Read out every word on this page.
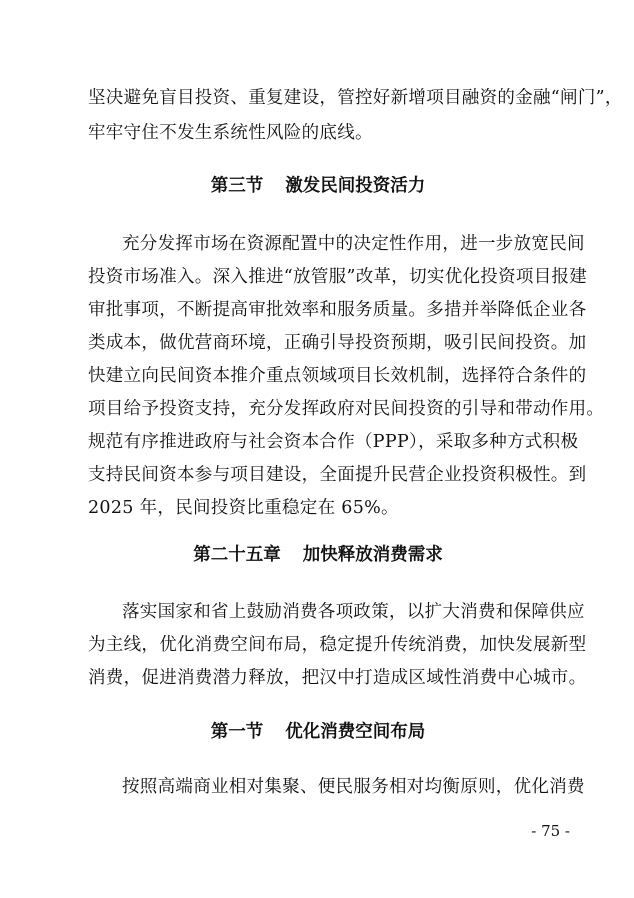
坚决避免盲目投资、重复建设，管控好新增项目融资的金融“闸门”，
牢牢守住不发生系统性风险的底线。
第三节 激发民间投资活力
充分发挥市场在资源配置中的决定性作用，进一步放宽民间
投资市场准入。深入推进“放管服”改革，切实优化投资项目报建
审批事项，不断提高审批效率和服务质量。多措并举降低企业各
类成本，做优营商环境，正确引导投资预期，吸引民间投资。加
快建立向民间资本推介重点领域项目长效机制，选择符合条件的
项目给予投资支持，充分发挥政府对民间投资的引导和带动作用。
规范有序推进政府与社会资本合作（PPP），采取多种方式积极
支持民间资本参与项目建设，全面提升民营企业投资积极性。到
2025 年，民间投资比重稳定在 65%。
第二十五章 加快释放消费需求
落实国家和省上鼓励消费各项政策，以扩大消费和保障供应
为主线，优化消费空间布局，稳定提升传统消费，加快发展新型
消费，促进消费潜力释放，把汉中打造成区域性消费中心城市。
第一节 优化消费空间布局
按照高端商业相对集聚、便民服务相对均衡原则，优化消费
- 75 -
